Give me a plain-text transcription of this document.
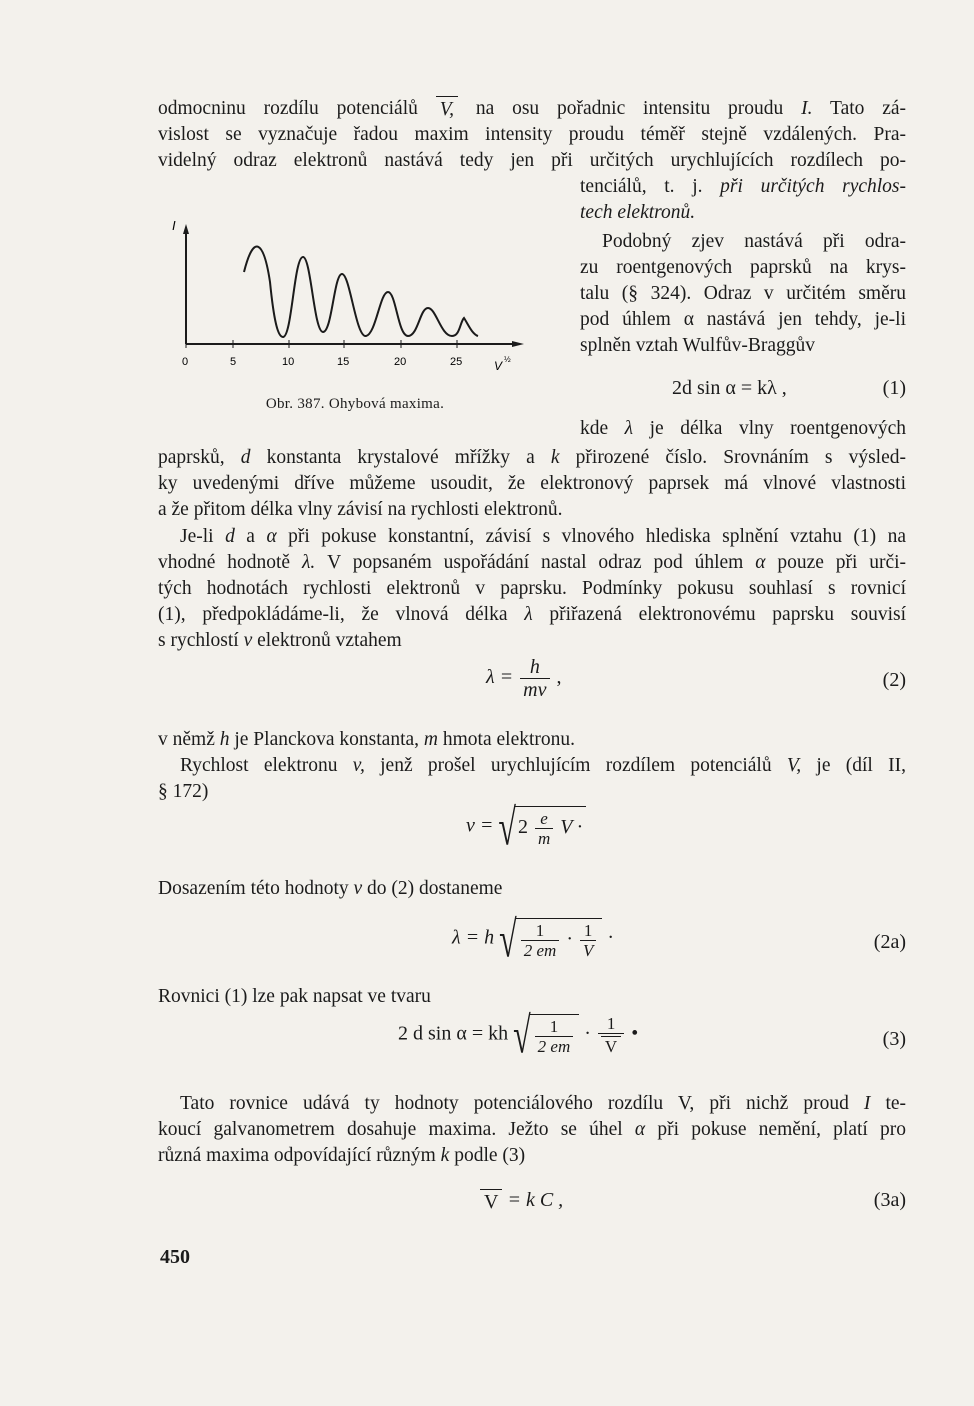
odmocninu rozdílu potenciálů V, na osu pořadnic intensitu proudu I. Tato zá-
vislost se vyznačuje řadou maxim intensity proudu téměř stejně vzdálených. Pra-
videlný odraz elektronů nastává tedy jen při určitých urychlujících rozdílech po-
tenciálů, t. j. při určitých rychlos-
tech elektronů.
Podobný zjev nastává při odra-
zu roentgenových paprsků na krys-
talu (§ 324). Odraz v určitém směru
pod úhlem α nastává jen tehdy, je-li
splněn vztah Wulfův-Braggův
2d sin α = kλ ,	(1)
I
0	5	10	15	20	25	V ½
Obr. 387. Ohybová maxima.
kde λ je délka vlny roentgenových
paprsků, d konstanta krystalové mřížky a k přirozené číslo. Srovnáním s výsled-
ky uvedenými dříve můžeme usoudit, že elektronový paprsek má vlnové vlastnosti
a že přitom délka vlny závisí na rychlosti elektronů.
Je-li d a α při pokuse konstantní, závisí s vlnového hlediska splnění vztahu (1) na
vhodné hodnotě λ. V popsaném uspořádání nastal odraz pod úhlem α pouze při urči-
tých hodnotách rychlosti elektronů v paprsku. Podmínky pokusu souhlasí s rovnicí
(1), předpokládáme-li, že vlnová délka λ přiřazená elektronovému paprsku souvisí
s rychlostí v elektronů vztahem
$\lambda = \frac{h}{mv}$ ,	(2)
v němž h je Planckova konstanta, m hmota elektronu.
Rychlost elektronu v, jenž prošel urychlujícím rozdílem potenciálů V, je (díl II,
§ 172)
v = √ $2 \frac{e}{m}$ V ·
Dosazením této hodnoty v do (2) dostaneme
λ = h √ $\frac{1}{2 em} \cdot \frac{1}{V}$ ·	(2a)
Rovnici (1) lze pak napsat ve tvaru
2 d sin α = kh √ $\frac{1}{2 em} \cdot \frac{1}{V}$ •	(3)
Tato rovnice udává ty hodnoty potenciálového rozdílu V, při nichž proud I te-
koucí galvanometrem dosahuje maxima. Ježto se úhel α při pokuse nemění, platí pro
různá maxima odpovídající různým k podle (3)
V = k C ,	(3a)
450
